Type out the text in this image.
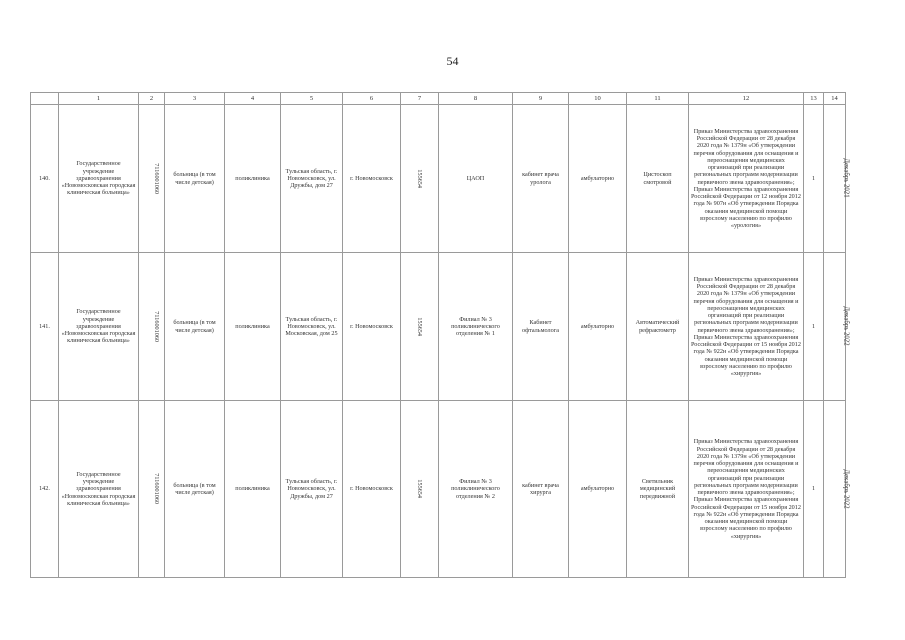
54
	1	2	3	4	5	6	7	8	9	10	11	12	13	14
140.	Государственное учреждение здравоохранения «Новомосковская городская клиническая больница»	7116001060	больница (в том числе детская)	поликлиника	Тульская область, г. Новомосковск, ул. Дружбы, дом 27	г. Новомосковск	155654	ЦАОП	кабинет врача уролога	амбулаторно	Цистоскоп смотровой	Приказ Министерства здравоохранения Российской Федерации от 28 декабря 2020 года № 1379н «Об утверждении перечня оборудования для оснащения и переоснащения медицинских организаций при реализации региональных программ модернизации первичного звена здравоохранения»; Приказ Министерства здравоохранения Российской Федерации от 12 ноября 2012 года № 907н «Об утверждении Порядка оказания медицинской помощи взрослому населению по профилю «урология»	1	Декабрь 2021
141.	Государственное учреждение здравоохранения «Новомосковская городская клиническая больница»	7116001060	больница (в том числе детская)	поликлиника	Тульская область, г. Новомосковск, ул. Московская, дом 25	г. Новомосковск	155654	Филиал № 3 поликлинического отделения № 1	Кабинет офтальмолога	амбулаторно	Автоматический рефрактометр	Приказ Министерства здравоохранения Российской Федерации от 28 декабря 2020 года № 1379н «Об утверждении перечня оборудования для оснащения и переоснащения медицинских организаций при реализации региональных программ модернизации первичного звена здравоохранения»; Приказ Министерства здравоохранения Российской Федерации от 15 ноября 2012 года № 922н «Об утверждении Порядка оказания медицинской помощи взрослому населению по профилю «хирургия»	1	Декабрь 2022
142.	Государственное учреждение здравоохранения «Новомосковская городская клиническая больница»	7116001060	больница (в том числе детская)	поликлиника	Тульская область, г. Новомосковск, ул. Дружбы, дом 27	г. Новомосковск	155654	Филиал № 3 поликлинического отделения № 2	кабинет врача хирурга	амбулаторно	Светильник медицинский передвижной	Приказ Министерства здравоохранения Российской Федерации от 28 декабря 2020 года № 1379н «Об утверждении перечня оборудования для оснащения и переоснащения медицинских организаций при реализации региональных программ модернизации первичного звена здравоохранения»; Приказ Министерства здравоохранения Российской Федерации от 15 ноября 2012 года № 922н «Об утверждении Порядка оказания медицинской помощи взрослому населению по профилю «хирургия»	1	Декабрь 2022
